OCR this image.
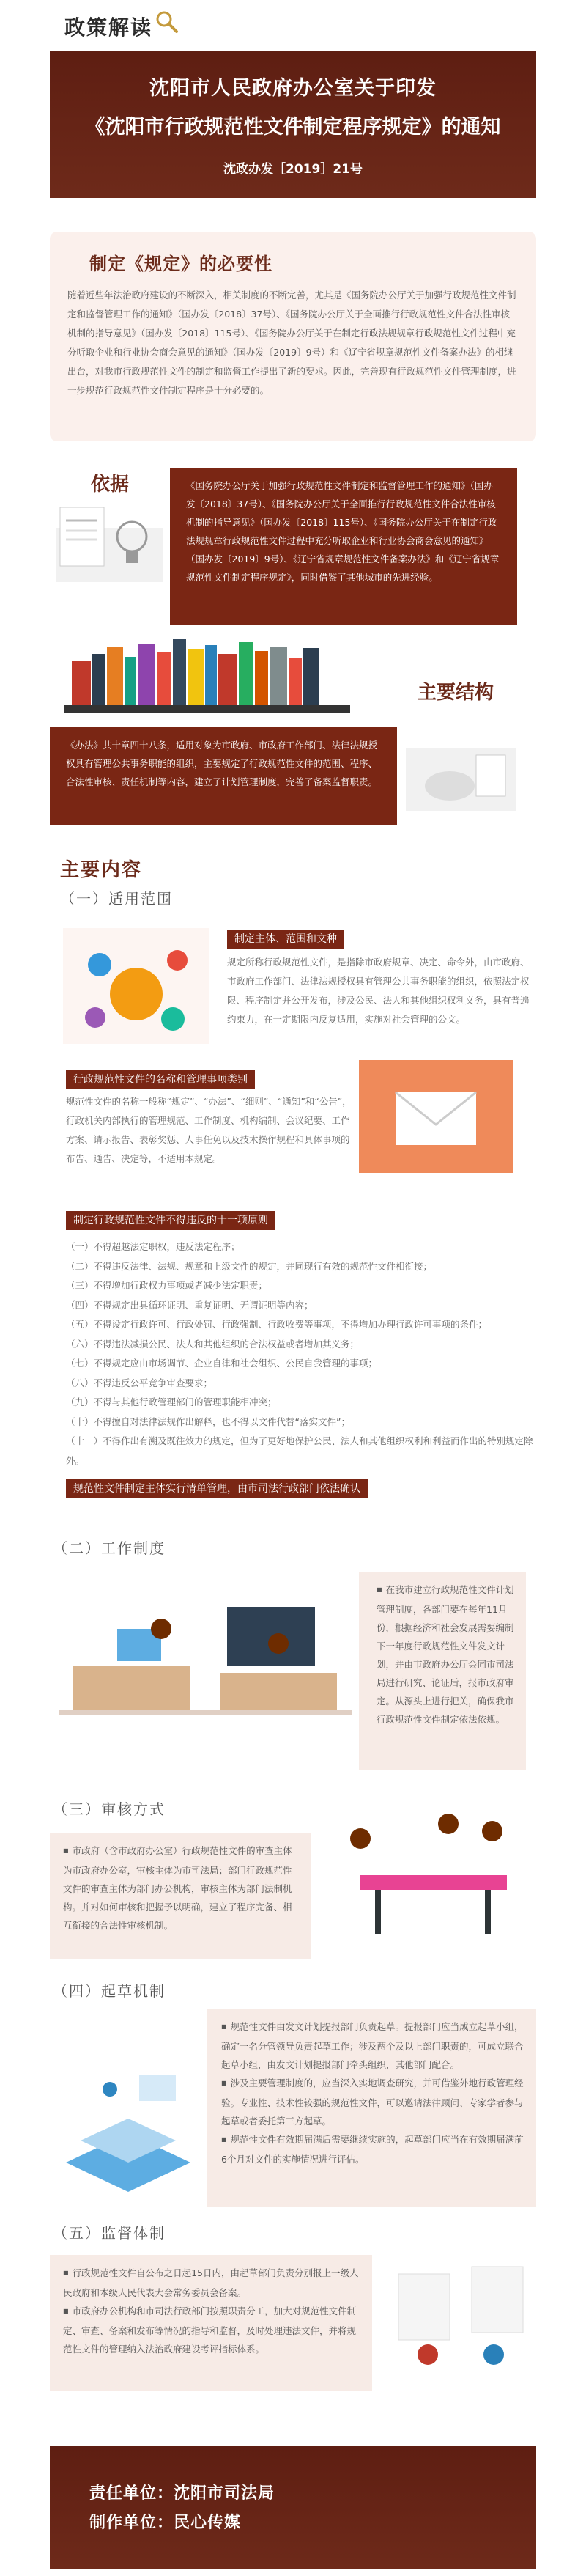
政策解读
沈阳市人民政府办公室关于印发
《沈阳市行政规范性文件制定程序规定》的通知
沈政办发［2019］21号
制定《规定》的必要性
随着近些年法治政府建设的不断深入，相关制度的不断完善，尤其是《国务院办公厅关于加强行政规范性文件制定和监督管理工作的通知》（国办发〔2018〕37号）、《国务院办公厅关于全面推行行政规范性文件合法性审核机制的指导意见》（国办发〔2018〕115号）、《国务院办公厅关于在制定行政法规规章行政规范性文件过程中充分听取企业和行业协会商会意见的通知》（国办发〔2019〕9号）和《辽宁省规章规范性文件备案办法》的相继出台，对我市行政规范性文件的制定和监督工作提出了新的要求。因此，完善现有行政规范性文件管理制度，进一步规范行政规范性文件制定程序是十分必要的。
依据	《国务院办公厅关于加强行政规范性文件制定和监督管理工作的通知》（国办发〔2018〕37号）、《国务院办公厅关于全面推行行政规范性文件合法性审核机制的指导意见》（国办发〔2018〕115号）、《国务院办公厅关于在制定行政法规规章行政规范性文件过程中充分听取企业和行业协会商会意见的通知》（国办发〔2019〕9号）、《辽宁省规章规范性文件备案办法》和《辽宁省规章规范性文件制定程序规定》，同时借鉴了其他城市的先进经验。
主要结构
《办法》共十章四十八条，适用对象为市政府、市政府工作部门、法律法规授权具有管理公共事务职能的组织，主要规定了行政规范性文件的范围、程序、合法性审核、责任机制等内容，建立了计划管理制度，完善了备案监督职责。
主要内容
（一）适用范围
制定主体、范围和文种
规定所称行政规范性文件，是指除市政府规章、决定、命令外，由市政府、市政府工作部门、法律法规授权具有管理公共事务职能的组织，依照法定权限、程序制定并公开发布，涉及公民、法人和其他组织权利义务，具有普遍约束力，在一定期限内反复适用，实施对社会管理的公文。
行政规范性文件的名称和管理事项类别
规范性文件的名称一般称“规定”、“办法”、“细则”、“通知”和“公告”，行政机关内部执行的管理规范、工作制度、机构编制、会议纪要、工作方案、请示报告、表彰奖惩、人事任免以及技术操作规程和具体事项的布告、通告、决定等，不适用本规定。
制定行政规范性文件不得违反的十一项原则
（一）不得超越法定职权，违反法定程序；
（二）不得违反法律、法规、规章和上级文件的规定，并同现行有效的规范性文件相衔接；
（三）不得增加行政权力事项或者减少法定职责；
（四）不得规定出具循环证明、重复证明、无谓证明等内容；
（五）不得设定行政许可、行政处罚、行政强制、行政收费等事项，不得增加办理行政许可事项的条件；
（六）不得违法减损公民、法人和其他组织的合法权益或者增加其义务；
（七）不得规定应由市场调节、企业自律和社会组织、公民自我管理的事项；
（八）不得违反公平竞争审查要求；
（九）不得与其他行政管理部门的管理职能相冲突；
（十）不得擅自对法律法规作出解释，也不得以文件代替“落实文件”；
（十一）不得作出有溯及既往效力的规定，但为了更好地保护公民、法人和其他组织权利和利益而作出的特别规定除外。
规范性文件制定主体实行清单管理，由市司法行政部门依法确认
（二）工作制度
■ 在我市建立行政规范性文件计划管理制度，各部门要在每年11月份，根据经济和社会发展需要编制下一年度行政规范性文件发文计划，并由市政府办公厅会同市司法局进行研究、论证后，报市政府审定。从源头上进行把关，确保我市行政规范性文件制定依法依规。
（三）审核方式
■ 市政府（含市政府办公室）行政规范性文件的审查主体为市政府办公室，审核主体为市司法局；部门行政规范性文件的审查主体为部门办公机构，审核主体为部门法制机构。并对如何审核和把握予以明确，建立了程序完备、相互衔接的合法性审核机制。
（四）起草机制
■ 规范性文件由发文计划提报部门负责起草。提报部门应当成立起草小组，确定一名分管领导负责起草工作；涉及两个及以上部门职责的，可成立联合起草小组，由发文计划提报部门牵头组织，其他部门配合。
■ 涉及主要管理制度的，应当深入实地调查研究，并可借鉴外地行政管理经验。专业性、技术性较强的规范性文件，可以邀请法律顾问、专家学者参与起草或者委托第三方起草。
■ 规范性文件有效期届满后需要继续实施的，起草部门应当在有效期届满前6个月对文件的实施情况进行评估。
（五）监督体制
■ 行政规范性文件自公布之日起15日内，由起草部门负责分别报上一级人民政府和本级人民代表大会常务委员会备案。
■ 市政府办公机构和市司法行政部门按照职责分工，加大对规范性文件制定、审查、备案和发布等情况的指导和监督，及时处理违法文件，并将规范性文件的管理纳入法治政府建设考评指标体系。
责任单位：沈阳市司法局
制作单位：民心传媒
